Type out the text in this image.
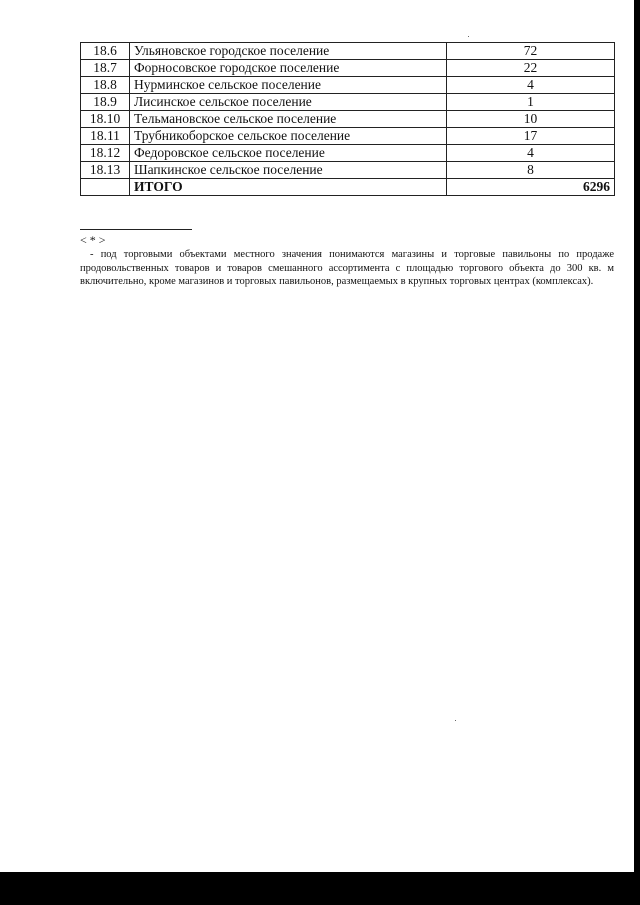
18.6	Ульяновское городское поселение	72
18.7	Форносовское городское поселение	22
18.8	Нурминское сельское поселение	4
18.9	Лисинское сельское поселение	1
18.10	Тельмановское сельское поселение	10
18.11	Трубникоборское сельское поселение	17
18.12	Федоровское сельское поселение	4
18.13	Шапкинское сельское поселение	8
	ИТОГО	6296
< * >

- под торговыми объектами местного значения понимаются магазины и торговые павильоны по продаже продовольственных товаров и товаров смешанного ассортимента с площадью торгового объекта до 300 кв. м включительно, кроме магазинов и торговых павильонов, размещаемых в крупных торговых центрах (комплексах).
